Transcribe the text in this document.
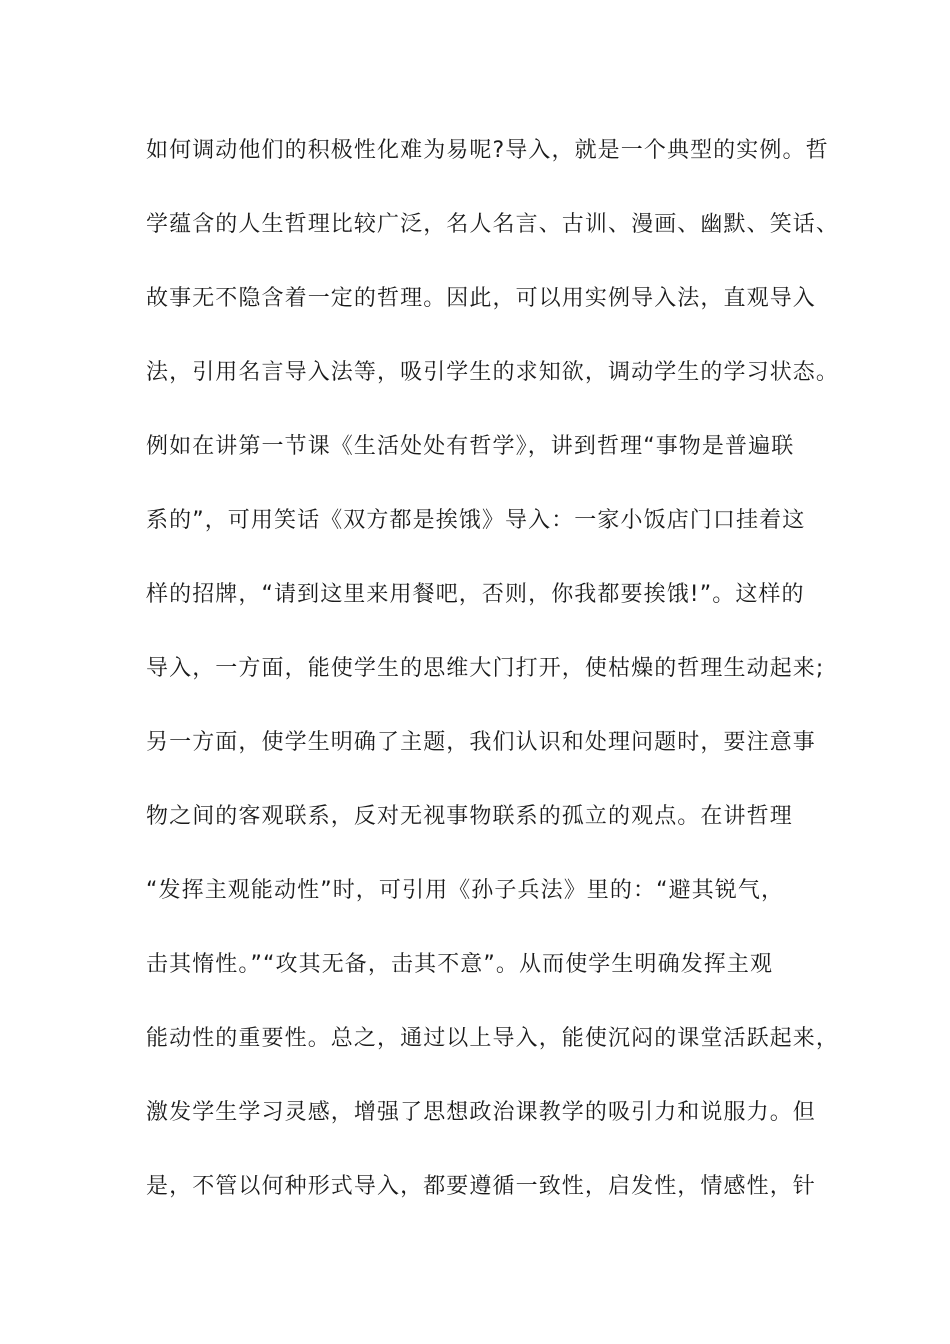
如何调动他们的积极性化难为易呢?导入，就是一个典型的实例。哲
学蕴含的人生哲理比较广泛，名人名言、古训、漫画、幽默、笑话、
故事无不隐含着一定的哲理。因此，可以用实例导入法，直观导入
法，引用名言导入法等，吸引学生的求知欲，调动学生的学习状态。
例如在讲第一节课《生活处处有哲学》，讲到哲理“事物是普遍联
系的”，可用笑话《双方都是挨饿》导入：一家小饭店门口挂着这
样的招牌，“请到这里来用餐吧，否则，你我都要挨饿!”。这样的
导入，一方面，能使学生的思维大门打开，使枯燥的哲理生动起来;
另一方面，使学生明确了主题，我们认识和处理问题时，要注意事
物之间的客观联系，反对无视事物联系的孤立的观点。在讲哲理
“发挥主观能动性”时，可引用《孙子兵法》里的：“避其锐气，
击其惰性。”“攻其无备，击其不意”。从而使学生明确发挥主观
能动性的重要性。总之，通过以上导入，能使沉闷的课堂活跃起来，
激发学生学习灵感，增强了思想政治课教学的吸引力和说服力。但
是，不管以何种形式导入，都要遵循一致性，启发性，情感性，针
